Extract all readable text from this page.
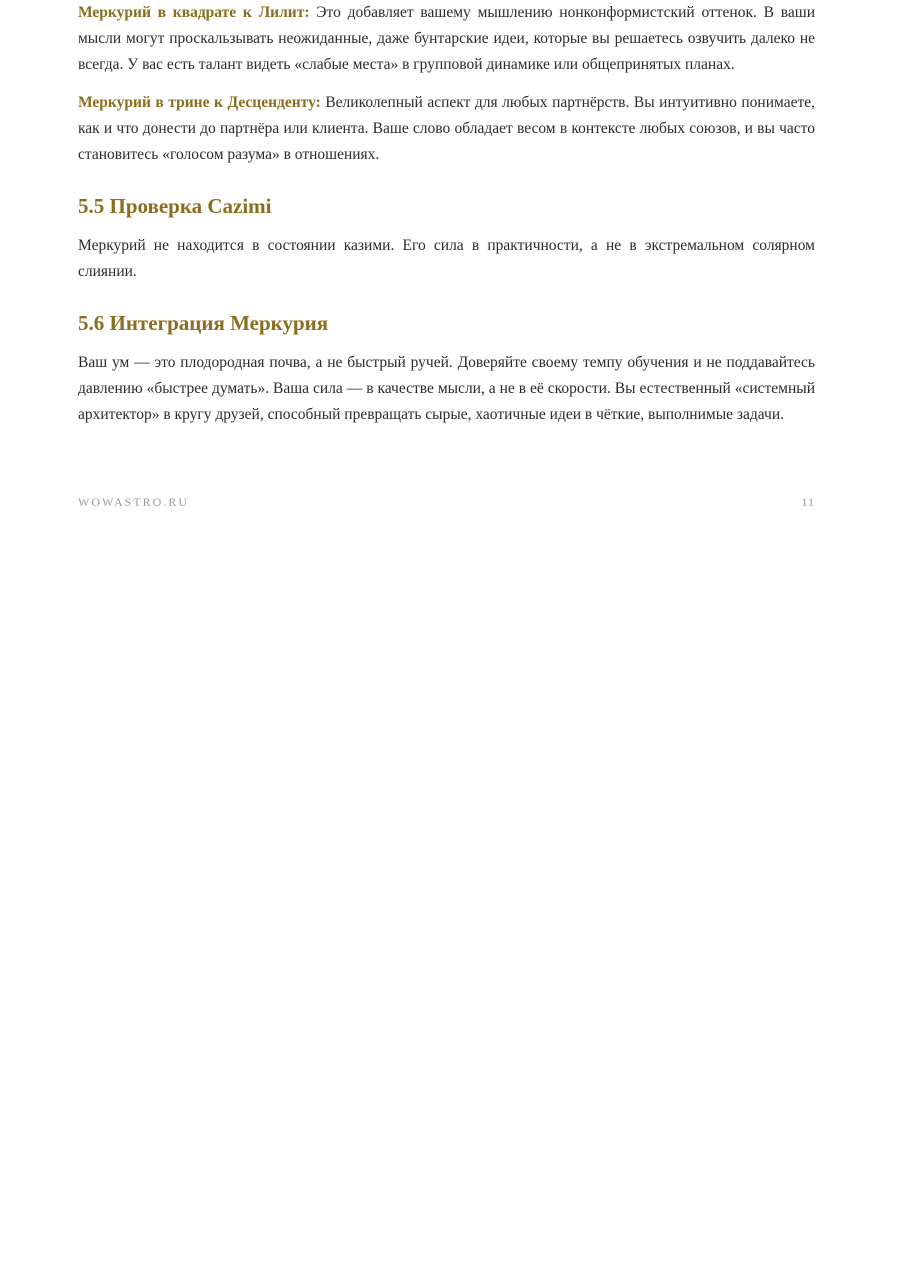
Меркурий в квадрате к Лилит: Это добавляет вашему мышлению нонконформистский оттенок. В ваши мысли могут проскальзывать неожиданные, даже бунтарские идеи, которые вы решаетесь озвучить далеко не всегда. У вас есть талант видеть «слабые места» в групповой динамике или общепринятых планах.

Меркурий в трине к Десценденту: Великолепный аспект для любых партнёрств. Вы интуитивно понимаете, как и что донести до партнёра или клиента. Ваше слово обладает весом в контексте любых союзов, и вы часто становитесь «голосом разума» в отношениях.

5.5 Проверка Cazimi

Меркурий не находится в состоянии казими. Его сила в практичности, а не в экстремальном солярном слиянии.

5.6 Интеграция Меркурия

Ваш ум — это плодородная почва, а не быстрый ручей. Доверяйте своему темпу обучения и не поддавайтесь давлению «быстрее думать». Ваша сила — в качестве мысли, а не в её скорости. Вы естественный «системный архитектор» в кругу друзей, способный превращать сырые, хаотичные идеи в чёткие, выполнимые задачи.

WOWASTRO.RU	11
